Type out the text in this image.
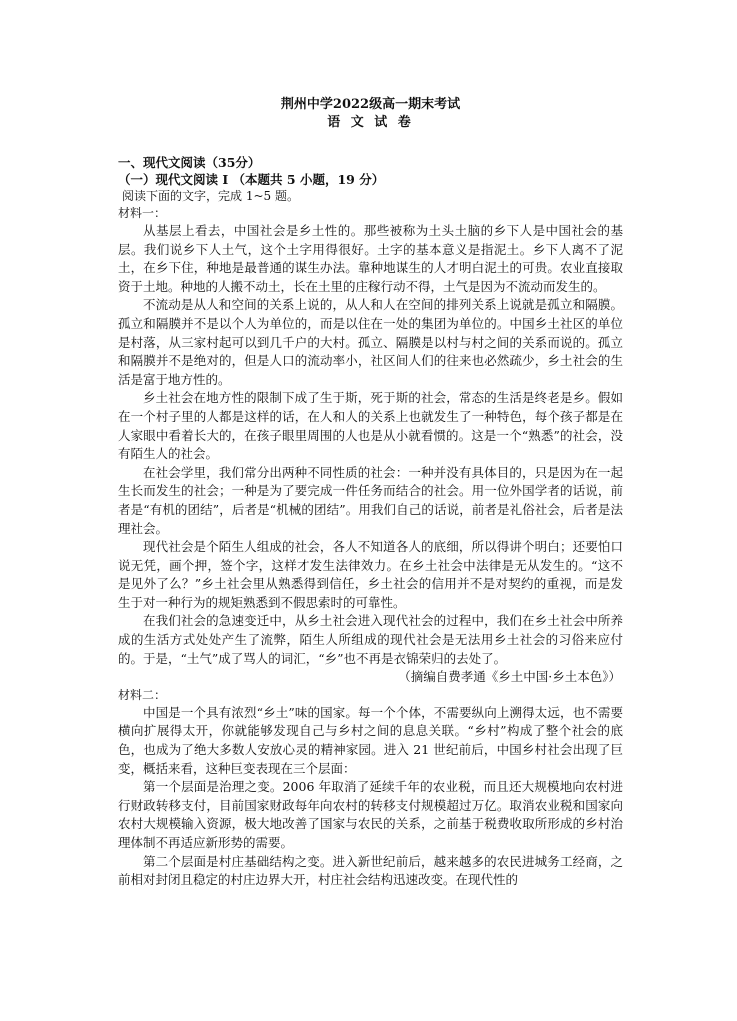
荆州中学2022级高一期末考试

语 文 试 卷

一、现代文阅读（35分）

（一）现代文阅读 I （本题共 5 小题，19 分）

阅读下面的文字，完成 1~5 题。

材料一：

从基层上看去，中国社会是乡土性的。那些被称为土头土脑的乡下人是中国社会的基层。我们说乡下人土气，这个土字用得很好。土字的基本意义是指泥土。乡下人离不了泥土，在乡下住，种地是最普通的谋生办法。靠种地谋生的人才明白泥土的可贵。农业直接取资于土地。种地的人搬不动土，长在土里的庄稼行动不得，土气是因为不流动而发生的。

不流动是从人和空间的关系上说的，从人和人在空间的排列关系上说就是孤立和隔膜。孤立和隔膜并不是以个人为单位的，而是以住在一处的集团为单位的。中国乡土社区的单位是村落，从三家村起可以到几千户的大村。孤立、隔膜是以村与村之间的关系而说的。孤立和隔膜并不是绝对的，但是人口的流动率小，社区间人们的往来也必然疏少，乡土社会的生活是富于地方性的。

乡土社会在地方性的限制下成了生于斯，死于斯的社会，常态的生活是终老是乡。假如在一个村子里的人都是这样的话，在人和人的关系上也就发生了一种特色，每个孩子都是在人家眼中看着长大的，在孩子眼里周围的人也是从小就看惯的。这是一个“熟悉”的社会，没有陌生人的社会。

在社会学里，我们常分出两种不同性质的社会：一种并没有具体目的，只是因为在一起生长而发生的社会；一种是为了要完成一件任务而结合的社会。用一位外国学者的话说，前者是“有机的团结”，后者是“机械的团结”。用我们自己的话说，前者是礼俗社会，后者是法理社会。

现代社会是个陌生人组成的社会，各人不知道各人的底细，所以得讲个明白；还要怕口说无凭，画个押，签个字，这样才发生法律效力。在乡土社会中法律是无从发生的。“这不是见外了么？”乡土社会里从熟悉得到信任，乡土社会的信用并不是对契约的重视，而是发生于对一种行为的规矩熟悉到不假思索时的可靠性。

在我们社会的急速变迁中，从乡土社会进入现代社会的过程中，我们在乡土社会中所养成的生活方式处处产生了流弊，陌生人所组成的现代社会是无法用乡土社会的习俗来应付的。于是，“土气”成了骂人的词汇，“乡”也不再是衣锦荣归的去处了。

（摘编自费孝通《乡土中国·乡土本色》）

材料二：

中国是一个具有浓烈“乡土”味的国家。每一个个体，不需要纵向上溯得太远，也不需要横向扩展得太开，你就能够发现自己与乡村之间的息息关联。“乡村”构成了整个社会的底色，也成为了绝大多数人安放心灵的精神家园。进入 21 世纪前后，中国乡村社会出现了巨变，概括来看，这种巨变表现在三个层面：

第一个层面是治理之变。2006 年取消了延续千年的农业税，而且还大规模地向农村进行财政转移支付，目前国家财政每年向农村的转移支付规模超过万亿。取消农业税和国家向农村大规模输入资源，极大地改善了国家与农民的关系，之前基于税费收取所形成的乡村治理体制不再适应新形势的需要。

第二个层面是村庄基础结构之变。进入新世纪前后，越来越多的农民进城务工经商，之前相对封闭且稳定的村庄边界大开，村庄社会结构迅速改变。在现代性的
